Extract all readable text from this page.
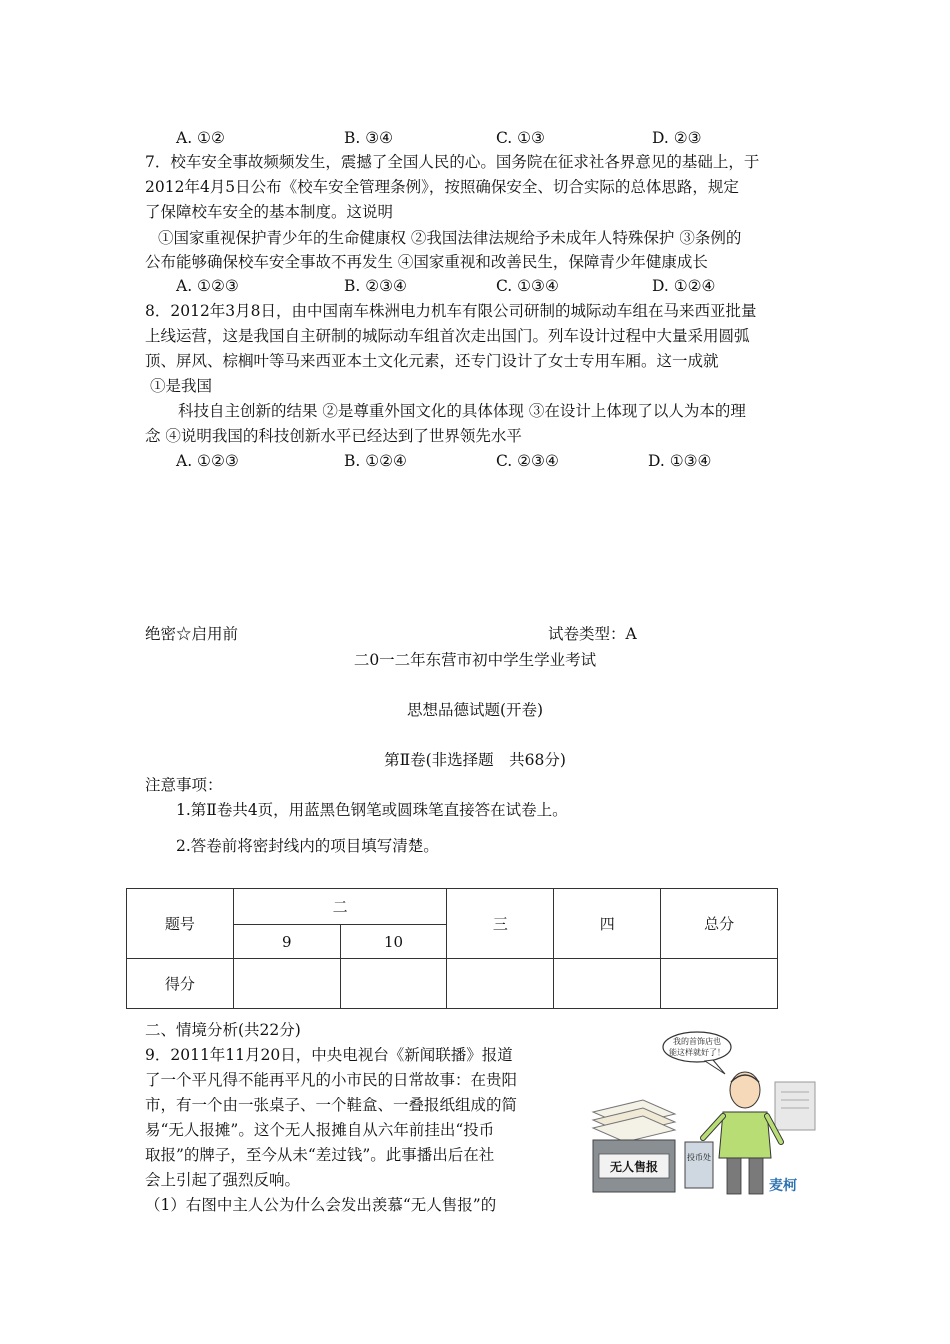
A. ①②	B. ③④	C. ①③	D. ②③
7．校车安全事故频频发生，震撼了全国人民的心。国务院在征求社各界意见的基础上，于
2012年4月5日公布《校车安全管理条例》，按照确保安全、切合实际的总体思路，规定
了保障校车安全的基本制度。这说明
①国家重视保护青少年的生命健康权 ②我国法律法规给予未成年人特殊保护 ③条例的
公布能够确保校车安全事故不再发生 ④国家重视和改善民生，保障青少年健康成长
A. ①②③	B. ②③④	C. ①③④	D. ①②④
8．2012年3月8日，由中国南车株洲电力机车有限公司研制的城际动车组在马来西亚批量
上线运营，这是我国自主研制的城际动车组首次走出国门。列车设计过程中大量采用圆弧
顶、屏风、棕榈叶等马来西亚本土文化元素，还专门设计了女士专用车厢。这一成就
①是我国
科技自主创新的结果 ②是尊重外国文化的具体体现 ③在设计上体现了以人为本的理
念 ④说明我国的科技创新水平已经达到了世界领先水平
A. ①②③	B. ①②④	C. ②③④	D. ①③④
绝密☆启用前	试卷类型：A
二0一二年东营市初中学生学业考试
思想品德试题(开卷)
第Ⅱ卷(非选择题　共68分)
注意事项：
1.第Ⅱ卷共4页，用蓝黑色钢笔或圆珠笔直接答在试卷上。
2.答卷前将密封线内的项目填写清楚。
题号	二		三	四	总分
	9	10			
得分					
二、情境分析(共22分)
9．2011年11月20日，中央电视台《新闻联播》报道
了一个平凡得不能再平凡的小市民的日常故事：在贵阳
市，有一个由一张桌子、一个鞋盒、一叠报纸组成的简
易“无人报摊”。这个无人报摊自从六年前挂出“投币
取报”的牌子，至今从未“差过钱”。此事播出后在社
会上引起了强烈反响。
（1）右图中主人公为什么会发出羡慕“无人售报”的
我的首饰店也
能这样就好了！
无人售报
投币处
麦柯
